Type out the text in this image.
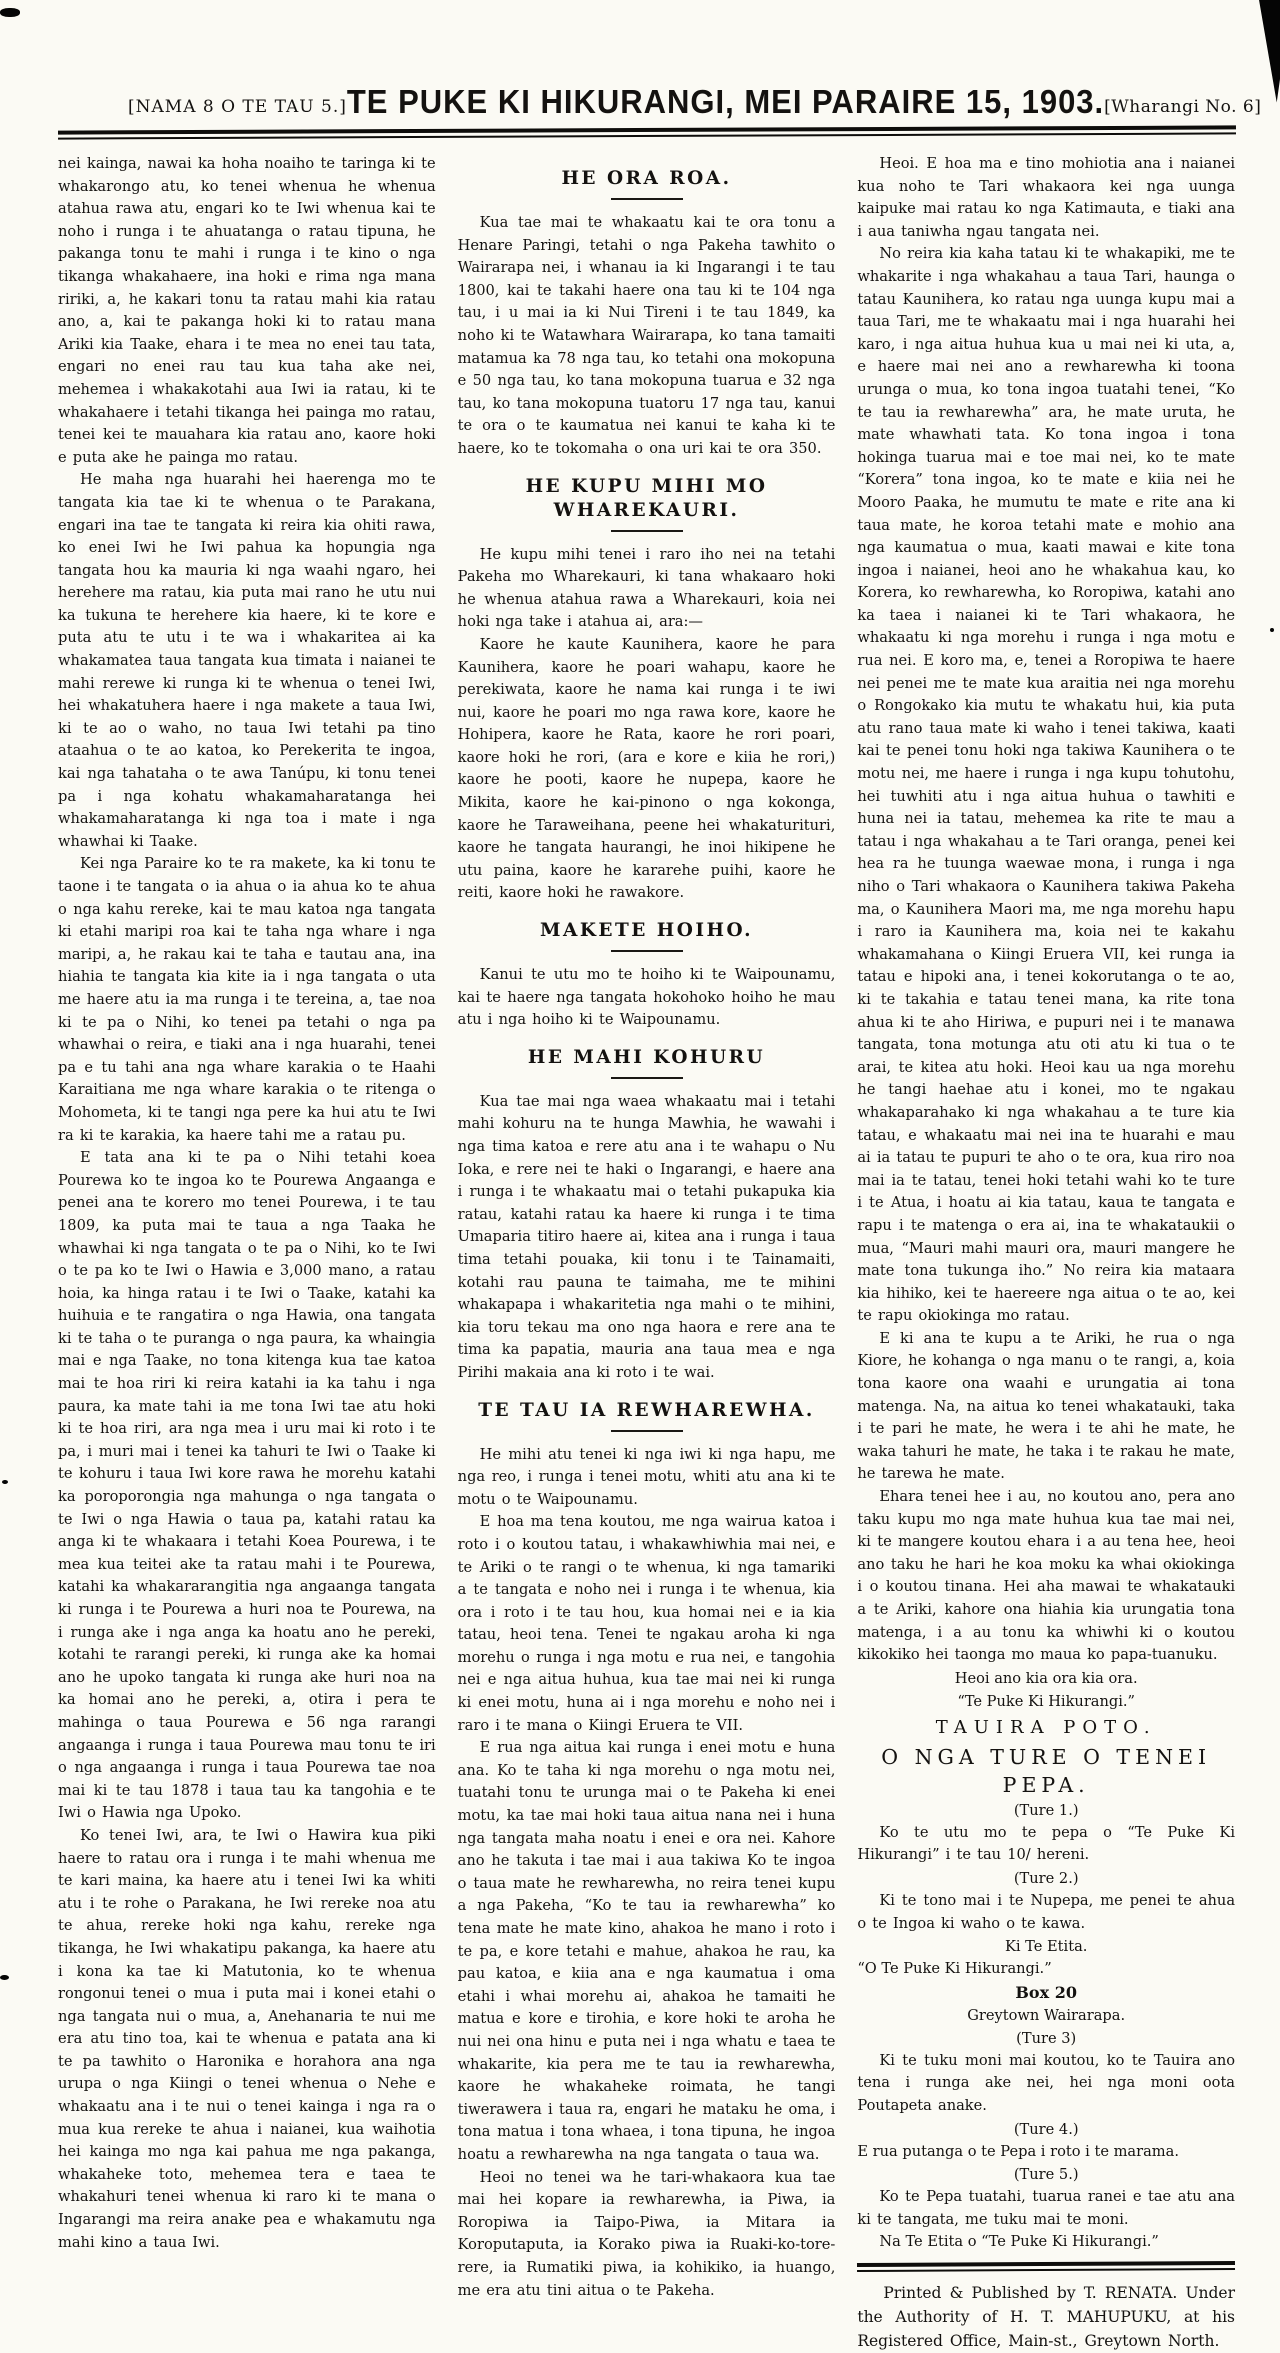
[NAMA 8 O TE TAU 5.] TE PUKE KI HIKURANGI, MEI PARAIRE 15, 1903. [Wharangi No. 6]

nei kainga, nawai ka hoha noaiho te taringa ki te whakarongo atu, ko tenei whenua he whenua atahua rawa atu, engari ko te Iwi whenua kai te noho i runga i te ahuatanga o ratau tipuna, he pakanga tonu te mahi i runga i te kino o nga tikanga whakahaere, ina hoki e rima nga mana ririki, a, he kakari tonu ta ratau mahi kia ratau ano, a, kai te pakanga hoki ki to ratau mana Ariki kia Taake, ehara i te mea no enei tau tata, engari no enei rau tau kua taha ake nei, mehemea i whakakotahi aua Iwi ia ratau, ki te whakahaere i tetahi tikanga hei painga mo ratau, tenei kei te mauahara kia ratau ano, kaore hoki e puta ake he painga mo ratau.

He maha nga huarahi hei haerenga mo te tangata kia tae ki te whenua o te Parakana, engari ina tae te tangata ki reira kia ohiti rawa, ko enei Iwi he Iwi pahua ka hopungia nga tangata hou ka mauria ki nga waahi ngaro, hei herehere ma ratau, kia puta mai rano he utu nui ka tukuna te herehere kia haere, ki te kore e puta atu te utu i te wa i whakaritea ai ka whakamatea taua tangata kua timata i naianei te mahi rerewe ki runga ki te whenua o tenei Iwi, hei whakatuhera haere i nga makete a taua Iwi, ki te ao o waho, no taua Iwi tetahi pa tino ataahua o te ao katoa, ko Perekerita te ingoa, kai nga tahataha o te awa Tanúpu, ki tonu tenei pa i nga kohatu whakamaharatanga hei whakamaharatanga ki nga toa i mate i nga whawhai ki Taake.

Kei nga Paraire ko te ra makete, ka ki tonu te taone i te tangata o ia ahua o ia ahua ko te ahua o nga kahu rereke, kai te mau katoa nga tangata ki etahi maripi roa kai te taha nga whare i nga maripi, a, he rakau kai te taha e tautau ana, ina hiahia te tangata kia kite ia i nga tangata o uta me haere atu ia ma runga i te tereina, a, tae noa ki te pa o Nihi, ko tenei pa tetahi o nga pa whawhai o reira, e tiaki ana i nga huarahi, tenei pa e tu tahi ana nga whare karakia o te Haahi Karaitiana me nga whare karakia o te ritenga o Mohometa, ki te tangi nga pere ka hui atu te Iwi ra ki te karakia, ka haere tahi me a ratau pu.

E tata ana ki te pa o Nihi tetahi koea Pourewa ko te ingoa ko te Pourewa Angaanga e penei ana te korero mo tenei Pourewa, i te tau 1809, ka puta mai te taua a nga Taaka he whawhai ki nga tangata o te pa o Nihi, ko te Iwi o te pa ko te Iwi o Hawia e 3,000 mano, a ratau hoia, ka hinga ratau i te Iwi o Taake, katahi ka huihuia e te rangatira o nga Hawia, ona tangata ki te taha o te puranga o nga paura, ka whaingia mai e nga Taake, no tona kitenga kua tae katoa mai te hoa riri ki reira katahi ia ka tahu i nga paura, ka mate tahi ia me tona Iwi tae atu hoki ki te hoa riri, ara nga mea i uru mai ki roto i te pa, i muri mai i tenei ka tahuri te Iwi o Taake ki te kohuru i taua Iwi kore rawa he morehu katahi ka poroporongia nga mahunga o nga tangata o te Iwi o nga Hawia o taua pa, katahi ratau ka anga ki te whakaara i tetahi Koea Pourewa, i te mea kua teitei ake ta ratau mahi i te Pourewa, katahi ka whakararangitia nga angaanga tangata ki runga i te Pourewa a huri noa te Pourewa, na i runga ake i nga anga ka hoatu ano he pereki, kotahi te rarangi pereki, ki runga ake ka homai ano he upoko tangata ki runga ake huri noa na ka homai ano he pereki, a, otira i pera te mahinga o taua Pourewa e 56 nga rarangi angaanga i runga i taua Pourewa mau tonu te iri o nga angaanga i runga i taua Pourewa tae noa mai ki te tau 1878 i taua tau ka tangohia e te Iwi o Hawia nga Upoko.

Ko tenei Iwi, ara, te Iwi o Hawira kua piki haere to ratau ora i runga i te mahi whenua me te kari maina, ka haere atu i tenei Iwi ka whiti atu i te rohe o Parakana, he Iwi rereke noa atu te ahua, rereke hoki nga kahu, rereke nga tikanga, he Iwi whakatipu pakanga, ka haere atu i kona ka tae ki Matutonia, ko te whenua rongonui tenei o mua i puta mai i konei etahi o nga tangata nui o mua, a, Anehanaria te nui me era atu tino toa, kai te whenua e patata ana ki te pa tawhito o Haronika e horahora ana nga urupa o nga Kiingi o tenei whenua o Nehe e whakaatu ana i te nui o tenei kainga i nga ra o mua kua rereke te ahua i naianei, kua waihotia hei kainga mo nga kai pahua me nga pakanga, whakaheke toto, mehemea tera e taea te whakahuri tenei whenua ki raro ki te mana o Ingarangi ma reira anake pea e whakamutu nga mahi kino a taua Iwi.

HE ORA ROA.

Kua tae mai te whakaatu kai te ora tonu a Henare Paringi, tetahi o nga Pakeha tawhito o Wairarapa nei, i whanau ia ki Ingarangi i te tau 1800, kai te takahi haere ona tau ki te 104 nga tau, i u mai ia ki Nui Tireni i te tau 1849, ka noho ki te Watawhara Wairarapa, ko tana tamaiti matamua ka 78 nga tau, ko tetahi ona mokopuna e 50 nga tau, ko tana mokopuna tuarua e 32 nga tau, ko tana mokopuna tuatoru 17 nga tau, kanui te ora o te kaumatua nei kanui te kaha ki te haere, ko te tokomaha o ona uri kai te ora 350.

HE KUPU MIHI MO WHAREKAURI.

He kupu mihi tenei i raro iho nei na tetahi Pakeha mo Wharekauri, ki tana whakaaro hoki he whenua atahua rawa a Wharekauri, koia nei hoki nga take i atahua ai, ara:—

Kaore he kaute Kaunihera, kaore he para Kaunihera, kaore he poari wahapu, kaore he perekiwata, kaore he nama kai runga i te iwi nui, kaore he poari mo nga rawa kore, kaore he Hohipera, kaore he Rata, kaore he rori poari, kaore hoki he rori, (ara e kore e kiia he rori,) kaore he pooti, kaore he nupepa, kaore he Mikita, kaore he kai-pinono o nga kokonga, kaore he Taraweihana, peene hei whakaturituri, kaore he tangata haurangi, he inoi hikipene he utu paina, kaore he kararehe puihi, kaore he reiti, kaore hoki he rawakore.

MAKETE HOIHO.

Kanui te utu mo te hoiho ki te Waipounamu, kai te haere nga tangata hokohoko hoiho he mau atu i nga hoiho ki te Waipounamu.

HE MAHI KOHURU

Kua tae mai nga waea whakaatu mai i tetahi mahi kohuru na te hunga Mawhia, he wawahi i nga tima katoa e rere atu ana i te wahapu o Nu Ioka, e rere nei te haki o Ingarangi, e haere ana i runga i te whakaatu mai o tetahi pukapuka kia ratau, katahi ratau ka haere ki runga i te tima Umaparia titiro haere ai, kitea ana i runga i taua tima tetahi pouaka, kii tonu i te Tainamaiti, kotahi rau pauna te taimaha, me te mihini whakapapa i whakaritetia nga mahi o te mihini, kia toru tekau ma ono nga haora e rere ana te tima ka papatia, mauria ana taua mea e nga Pirihi makaia ana ki roto i te wai.

TE TAU IA REWHAREWHA.

He mihi atu tenei ki nga iwi ki nga hapu, me nga reo, i runga i tenei motu, whiti atu ana ki te motu o te Waipounamu.

E hoa ma tena koutou, me nga wairua katoa i roto i o koutou tatau, i whakawhiwhia mai nei, e te Ariki o te rangi o te whenua, ki nga tamariki a te tangata e noho nei i runga i te whenua, kia ora i roto i te tau hou, kua homai nei e ia kia tatau, heoi tena. Tenei te ngakau aroha ki nga morehu o runga i nga motu e rua nei, e tangohia nei e nga aitua huhua, kua tae mai nei ki runga ki enei motu, huna ai i nga morehu e noho nei i raro i te mana o Kiingi Eruera te VII.

E rua nga aitua kai runga i enei motu e huna ana. Ko te taha ki nga morehu o nga motu nei, tuatahi tonu te urunga mai o te Pakeha ki enei motu, ka tae mai hoki taua aitua nana nei i huna nga tangata maha noatu i enei e ora nei. Kahore ano he takuta i tae mai i aua takiwa Ko te ingoa o taua mate he rewharewha, no reira tenei kupu a nga Pakeha, “Ko te tau ia rewharewha” ko tena mate he mate kino, ahakoa he mano i roto i te pa, e kore tetahi e mahue, ahakoa he rau, ka pau katoa, e kiia ana e nga kaumatua i oma etahi i whai morehu ai, ahakoa he tamaiti he matua e kore e tirohia, e kore hoki te aroha he nui nei ona hinu e puta nei i nga whatu e taea te whakarite, kia pera me te tau ia rewharewha, kaore he whakaheke roimata, he tangi tiwerawera i taua ra, engari he mataku he oma, i tona matua i tona whaea, i tona tipuna, he ingoa hoatu a rewharewha na nga tangata o taua wa.

Heoi no tenei wa he tari-whakaora kua tae mai hei kopare ia rewharewha, ia Piwa, ia Roropiwa ia Taipo-Piwa, ia Mitara ia Koroputaputa, ia Korako piwa ia Ruaki-ko-tore-rere, ia Rumatiki piwa, ia kohikiko, ia huango, me era atu tini aitua o te Pakeha.

Heoi. E hoa ma e tino mohiotia ana i naianei kua noho te Tari whakaora kei nga uunga kaipuke mai ratau ko nga Katimauta, e tiaki ana i aua taniwha ngau tangata nei.

No reira kia kaha tatau ki te whakapiki, me te whakarite i nga whakahau a taua Tari, haunga o tatau Kaunihera, ko ratau nga uunga kupu mai a taua Tari, me te whakaatu mai i nga huarahi hei karo, i nga aitua huhua kua u mai nei ki uta, a, e haere mai nei ano a rewharewha ki toona urunga o mua, ko tona ingoa tuatahi tenei, “Ko te tau ia rewharewha” ara, he mate uruta, he mate whawhati tata. Ko tona ingoa i tona hokinga tuarua mai e toe mai nei, ko te mate “Korera” tona ingoa, ko te mate e kiia nei he Mooro Paaka, he mumutu te mate e rite ana ki taua mate, he koroa tetahi mate e mohio ana nga kaumatua o mua, kaati mawai e kite tona ingoa i naianei, heoi ano he whakahua kau, ko Korera, ko rewharewha, ko Roropiwa, katahi ano ka taea i naianei ki te Tari whakaora, he whakaatu ki nga morehu i runga i nga motu e rua nei. E koro ma, e, tenei a Roropiwa te haere nei penei me te mate kua araitia nei nga morehu o Rongokako kia mutu te whakatu hui, kia puta atu rano taua mate ki waho i tenei takiwa, kaati kai te penei tonu hoki nga takiwa Kaunihera o te motu nei, me haere i runga i nga kupu tohutohu, hei tuwhiti atu i nga aitua huhua o tawhiti e huna nei ia tatau, mehemea ka rite te mau a tatau i nga whakahau a te Tari oranga, penei kei hea ra he tuunga waewae mona, i runga i nga niho o Tari whakaora o Kaunihera takiwa Pakeha ma, o Kaunihera Maori ma, me nga morehu hapu i raro ia Kaunihera ma, koia nei te kakahu whakamahana o Kiingi Eruera VII, kei runga ia tatau e hipoki ana, i tenei kokorutanga o te ao, ki te takahia e tatau tenei mana, ka rite tona ahua ki te aho Hiriwa, e pupuri nei i te manawa tangata, tona motunga atu oti atu ki tua o te arai, te kitea atu hoki. Heoi kau ua nga morehu he tangi haehae atu i konei, mo te ngakau whakaparahako ki nga whakahau a te ture kia tatau, e whakaatu mai nei ina te huarahi e mau ai ia tatau te pupuri te aho o te ora, kua riro noa mai ia te tatau, tenei hoki tetahi wahi ko te ture i te Atua, i hoatu ai kia tatau, kaua te tangata e rapu i te matenga o era ai, ina te whakataukii o mua, “Mauri mahi mauri ora, mauri mangere he mate tona tukunga iho.” No reira kia mataara kia hihiko, kei te haereere nga aitua o te ao, kei te rapu okiokinga mo ratau.

E ki ana te kupu a te Ariki, he rua o nga Kiore, he kohanga o nga manu o te rangi, a, koia tona kaore ona waahi e urungatia ai tona matenga. Na, na aitua ko tenei whakatauki, taka i te pari he mate, he wera i te ahi he mate, he waka tahuri he mate, he taka i te rakau he mate, he tarewa he mate.

Ehara tenei hee i au, no koutou ano, pera ano taku kupu mo nga mate huhua kua tae mai nei, ki te mangere koutou ehara i a au tena hee, heoi ano taku he hari he koa moku ka whai okiokinga i o koutou tinana. Hei aha mawai te whakatauki a te Ariki, kahore ona hiahia kia urungatia tona matenga, i a au tonu ka whiwhi ki o koutou kikokiko hei taonga mo maua ko papa-tuanuku.

Heoi ano kia ora kia ora.

“Te Puke Ki Hikurangi.”

TAUIRA POTO.

O NGA TURE O TENEI PEPA.

(Ture 1.)

Ko te utu mo te pepa o “Te Puke Ki Hikurangi” i te tau 10/ hereni.

(Ture 2.)

Ki te tono mai i te Nupepa, me penei te ahua o te Ingoa ki waho o te kawa.

Ki Te Etita.

“O Te Puke Ki Hikurangi.”

Box 20

Greytown Wairarapa.

(Ture 3)

Ki te tuku moni mai koutou, ko te Tauira ano tena i runga ake nei, hei nga moni oota Poutapeta anake.

(Ture 4.)

E rua putanga o te Pepa i roto i te marama.

(Ture 5.)

Ko te Pepa tuatahi, tuarua ranei e tae atu ana ki te tangata, me tuku mai te moni.

Na Te Etita o “Te Puke Ki Hikurangi.”

Printed & Published by T. RENATA. Under the Authority of H. T. MAHUPUKU, at his Registered Office, Main-st., Greytown North.
